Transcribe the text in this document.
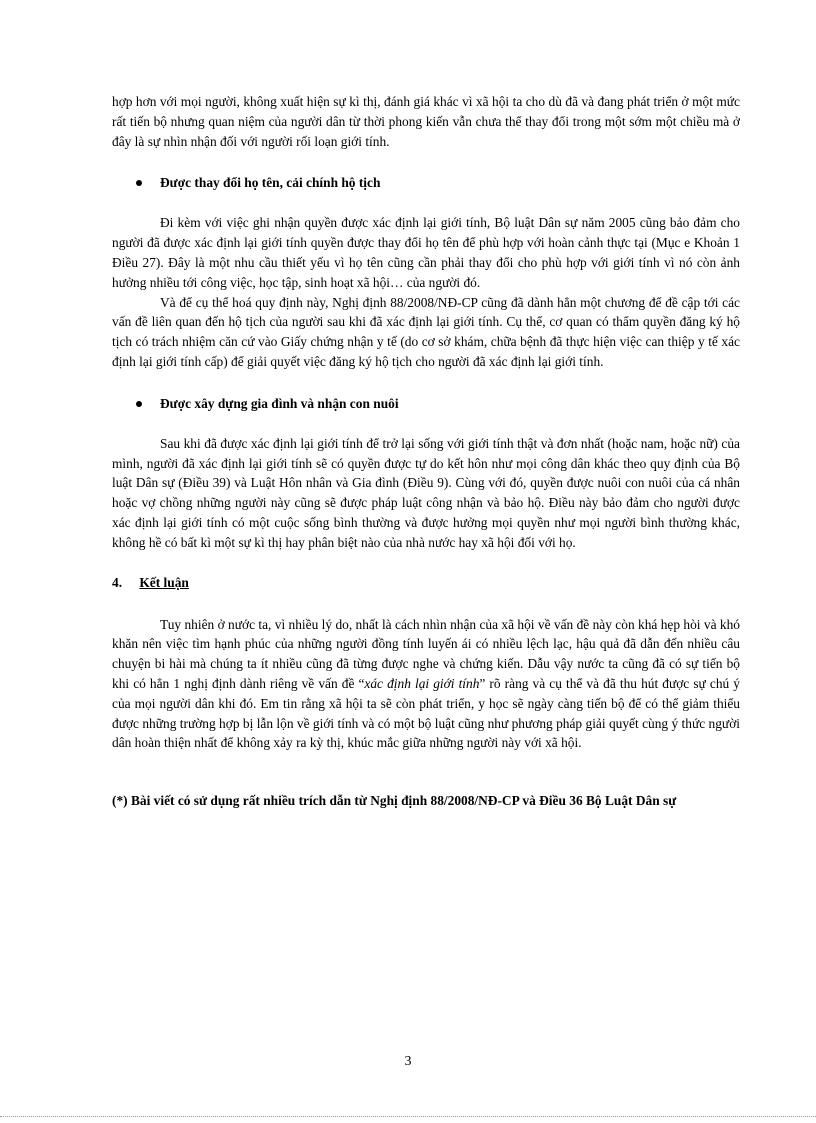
hợp hơn với mọi người, không xuất hiện sự kì thị, đánh giá khác vì xã hội ta cho dù đã và đang phát triển ở một mức rất tiến bộ nhưng quan niệm của người dân từ thời phong kiến vẫn chưa thể thay đổi trong một sớm một chiều mà ở đây là sự nhìn nhận đối với người rối loạn giới tính.

Được thay đổi họ tên, cải chính hộ tịch

Đi kèm với việc ghi nhận quyền được xác định lại giới tính, Bộ luật Dân sự năm 2005 cũng bảo đảm cho người đã được xác định lại giới tính quyền được thay đổi họ tên để phù hợp với hoàn cảnh thực tại (Mục e Khoản 1 Điều 27). Đây là một nhu cầu thiết yếu vì họ tên cũng cần phải thay đổi cho phù hợp với giới tính vì nó còn ảnh hưởng nhiều tới công việc, học tập, sinh hoạt xã hội… của người đó.

Và để cụ thể hoá quy định này, Nghị định 88/2008/NĐ-CP cũng đã dành hẳn một chương để đề cập tới các vấn đề liên quan đến hộ tịch của người sau khi đã xác định lại giới tính. Cụ thể, cơ quan có thẩm quyền đăng ký hộ tịch có trách nhiệm căn cứ vào Giấy chứng nhận y tế (do cơ sở khám, chữa bệnh đã thực hiện việc can thiệp y tế xác định lại giới tính cấp) để giải quyết việc đăng ký hộ tịch cho người đã xác định lại giới tính.

Được xây dựng gia đình và nhận con nuôi

Sau khi đã được xác định lại giới tính để trở lại sống với giới tính thật và đơn nhất (hoặc nam, hoặc nữ) của mình, người đã xác định lại giới tính sẽ có quyền được tự do kết hôn như mọi công dân khác theo quy định của Bộ luật Dân sự (Điều 39) và Luật Hôn nhân và Gia đình (Điều 9). Cùng với đó, quyền được nuôi con nuôi của cá nhân hoặc vợ chồng những người này cũng sẽ được pháp luật công nhận và bảo hộ. Điều này bảo đảm cho người được xác định lại giới tính có một cuộc sống bình thường và được hưởng mọi quyền như mọi người bình thường khác, không hề có bất kì một sự kì thị hay phân biệt nào của nhà nước hay xã hội đối với họ.

4. Kết luận

Tuy nhiên ở nước ta, vì nhiều lý do, nhất là cách nhìn nhận của xã hội về vấn đề này còn khá hẹp hòi và khó khăn nên việc tìm hạnh phúc của những người đồng tính luyến ái có nhiều lệch lạc, hậu quả đã dẫn đến nhiều câu chuyện bi hài mà chúng ta ít nhiều cũng đã từng được nghe và chứng kiến. Dẫu vậy nước ta cũng đã có sự tiến bộ khi có hẳn 1 nghị định dành riêng về vấn đề “xác định lại giới tính” rõ ràng và cụ thể và đã thu hút được sự chú ý của mọi người dân khi đó. Em tin rằng xã hội ta sẽ còn phát triển, y học sẽ ngày càng tiến bộ để có thể giảm thiểu được những trường hợp bị lẫn lộn về giới tính và có một bộ luật cũng như phương pháp giải quyết cùng ý thức người dân hoàn thiện nhất để không xảy ra kỳ thị, khúc mắc giữa những người này với xã hội.

(*) Bài viết có sử dụng rất nhiều trích dẫn từ Nghị định 88/2008/NĐ-CP và Điều 36 Bộ Luật Dân sự

3
